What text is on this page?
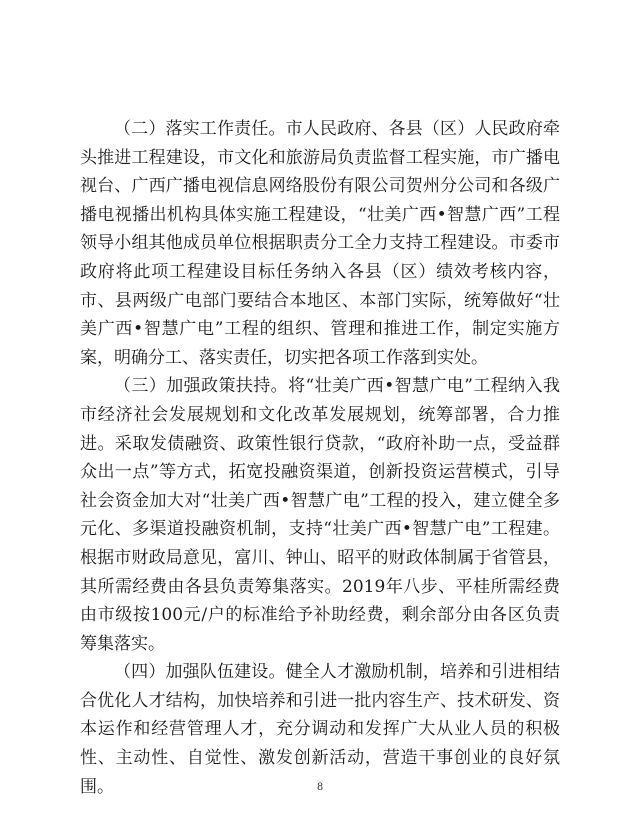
（二）落实工作责任。市人民政府、各县（区）人民政府牵头推进工程建设，市文化和旅游局负责监督工程实施，市广播电视台、广西广播电视信息网络股份有限公司贺州分公司和各级广播电视播出机构具体实施工程建设，“壮美广西•智慧广西”工程领导小组其他成员单位根据职责分工全力支持工程建设。市委市政府将此项工程建设目标任务纳入各县（区）绩效考核内容，市、县两级广电部门要结合本地区、本部门实际，统筹做好“壮美广西•智慧广电”工程的组织、管理和推进工作，制定实施方案，明确分工、落实责任，切实把各项工作落到实处。

（三）加强政策扶持。将“壮美广西•智慧广电”工程纳入我市经济社会发展规划和文化改革发展规划，统筹部署，合力推进。采取发债融资、政策性银行贷款，“政府补助一点，受益群众出一点”等方式，拓宽投融资渠道，创新投资运营模式，引导社会资金加大对“壮美广西•智慧广电”工程的投入，建立健全多元化、多渠道投融资机制，支持“壮美广西•智慧广电”工程建。根据市财政局意见，富川、钟山、昭平的财政体制属于省管县，其所需经费由各县负责筹集落实。2019年八步、平桂所需经费由市级按100元/户的标准给予补助经费，剩余部分由各区负责筹集落实。

（四）加强队伍建设。健全人才激励机制，培养和引进相结合优化人才结构，加快培养和引进一批内容生产、技术研发、资本运作和经营管理人才，充分调动和发挥广大从业人员的积极性、主动性、自觉性、激发创新活动，营造干事创业的良好氛围。	8
